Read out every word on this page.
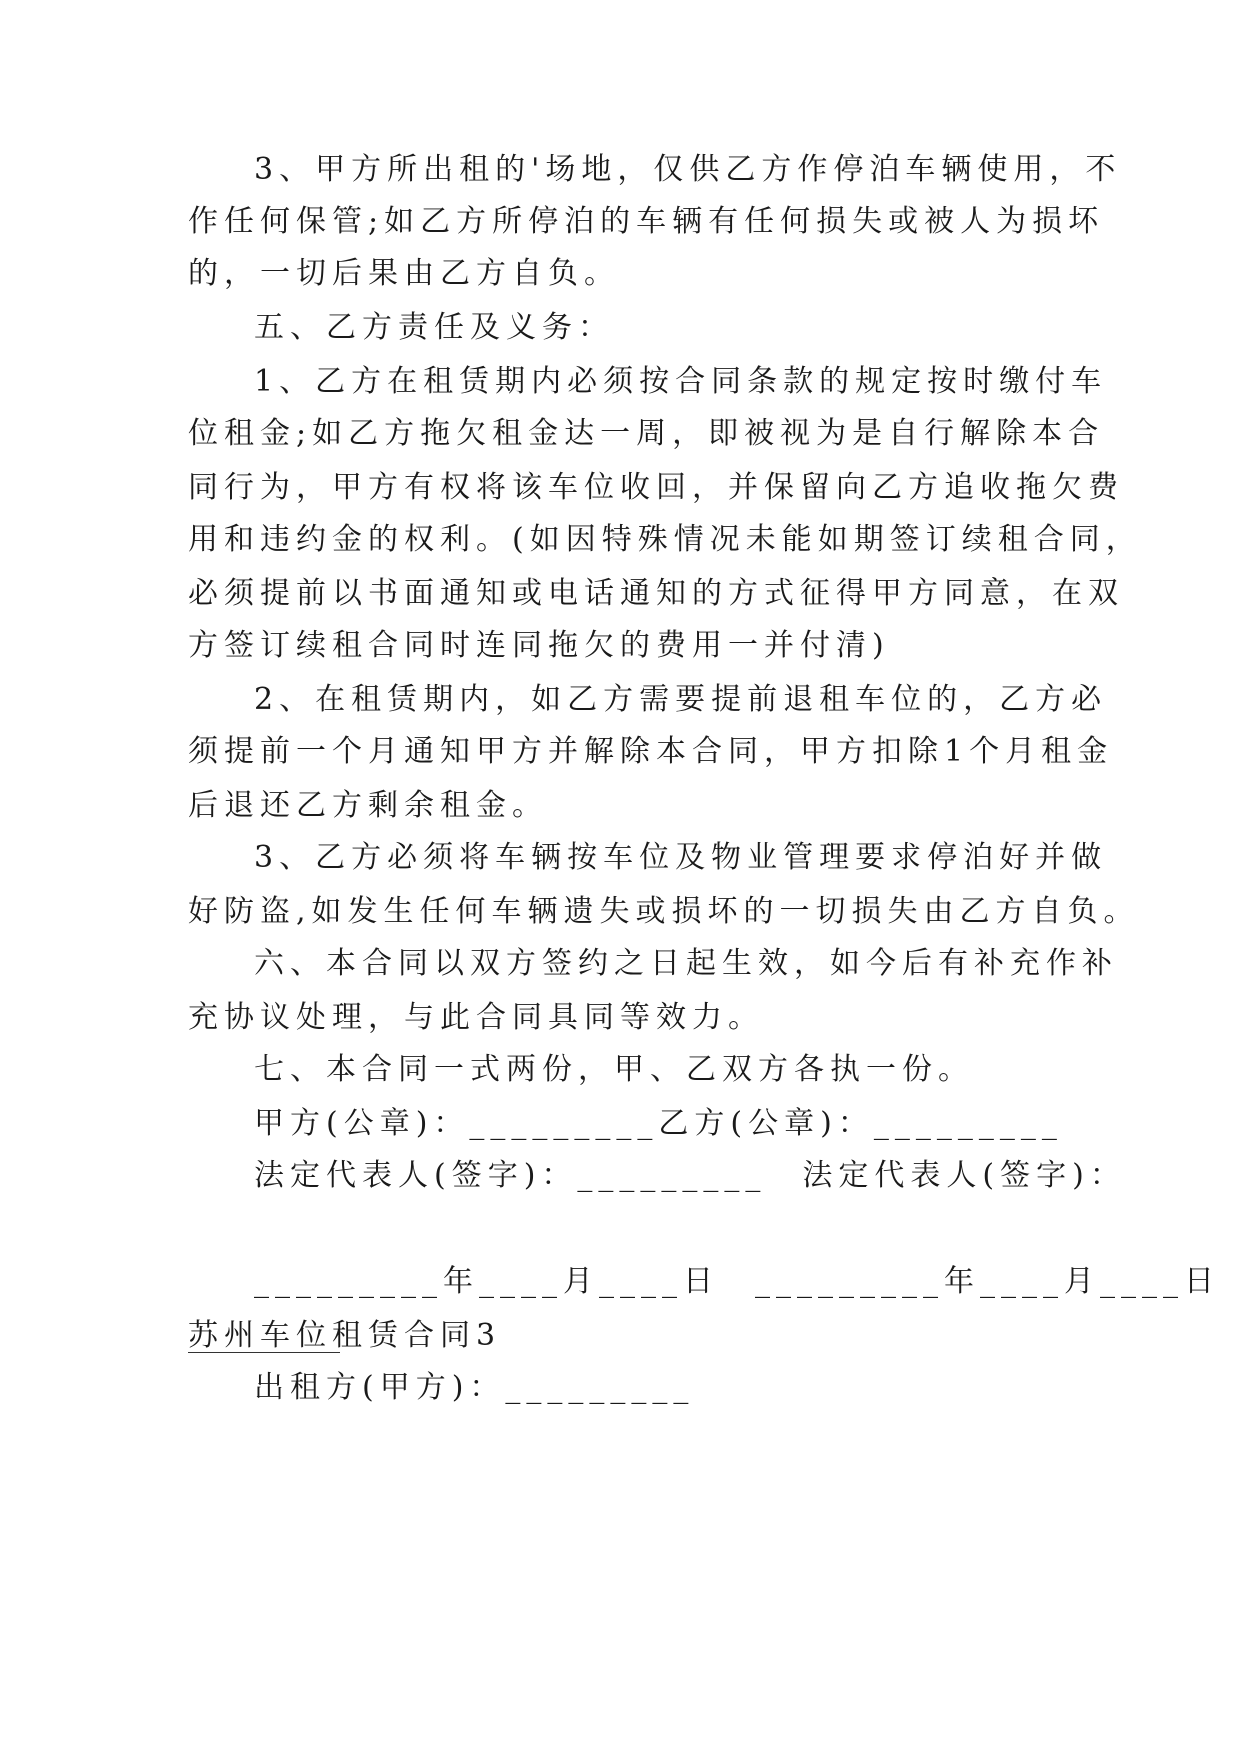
3、甲方所出租的'场地，仅供乙方作停泊车辆使用，不
作任何保管;如乙方所停泊的车辆有任何损失或被人为损坏
的，一切后果由乙方自负。
五、乙方责任及义务：
1、乙方在租赁期内必须按合同条款的规定按时缴付车
位租金;如乙方拖欠租金达一周，即被视为是自行解除本合
同行为，甲方有权将该车位收回，并保留向乙方追收拖欠费
用和违约金的权利。(如因特殊情况未能如期签订续租合同，
必须提前以书面通知或电话通知的方式征得甲方同意，在双
方签订续租合同时连同拖欠的费用一并付清)
2、在租赁期内，如乙方需要提前退租车位的，乙方必
须提前一个月通知甲方并解除本合同，甲方扣除1个月租金
后退还乙方剩余租金。
3、乙方必须将车辆按车位及物业管理要求停泊好并做
好防盗,如发生任何车辆遗失或损坏的一切损失由乙方自负。
六、本合同以双方签约之日起生效，如今后有补充作补
充协议处理，与此合同具同等效力。
七、本合同一式两份，甲、乙双方各执一份。
甲方(公章)：_________乙方(公章)：_________
法定代表人(签字)：_________　法定代表人(签字)：
_________年____月____日　_________年____月____日
苏州车位租赁合同3
出租方(甲方)：_________
